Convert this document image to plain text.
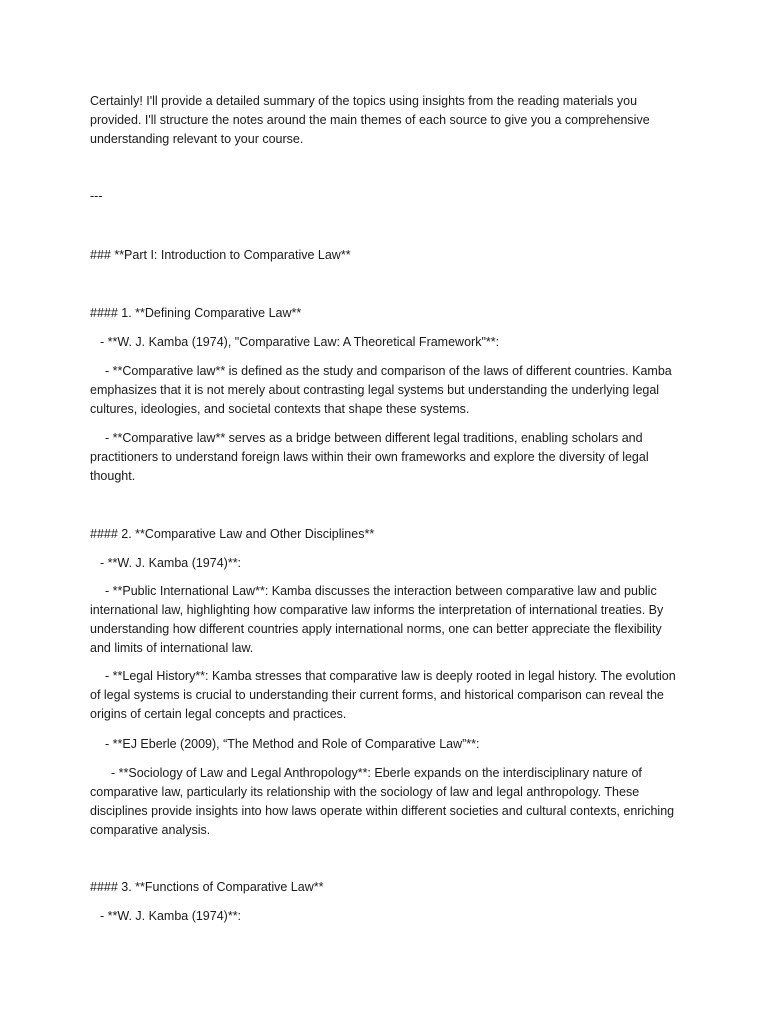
Certainly! I'll provide a detailed summary of the topics using insights from the reading materials you provided. I'll structure the notes around the main themes of each source to give you a comprehensive understanding relevant to your course.
---
### **Part I: Introduction to Comparative Law**
#### 1. **Defining Comparative Law**
- **W. J. Kamba (1974), "Comparative Law: A Theoretical Framework"**:
- **Comparative law** is defined as the study and comparison of the laws of different countries. Kamba emphasizes that it is not merely about contrasting legal systems but understanding the underlying legal cultures, ideologies, and societal contexts that shape these systems.
- **Comparative law** serves as a bridge between different legal traditions, enabling scholars and practitioners to understand foreign laws within their own frameworks and explore the diversity of legal thought.
#### 2. **Comparative Law and Other Disciplines**
- **W. J. Kamba (1974)**:
- **Public International Law**: Kamba discusses the interaction between comparative law and public international law, highlighting how comparative law informs the interpretation of international treaties. By understanding how different countries apply international norms, one can better appreciate the flexibility and limits of international law.
- **Legal History**: Kamba stresses that comparative law is deeply rooted in legal history. The evolution of legal systems is crucial to understanding their current forms, and historical comparison can reveal the origins of certain legal concepts and practices.
- **EJ Eberle (2009), “The Method and Role of Comparative Law”**:
- **Sociology of Law and Legal Anthropology**: Eberle expands on the interdisciplinary nature of comparative law, particularly its relationship with the sociology of law and legal anthropology. These disciplines provide insights into how laws operate within different societies and cultural contexts, enriching comparative analysis.
#### 3. **Functions of Comparative Law**
- **W. J. Kamba (1974)**:
